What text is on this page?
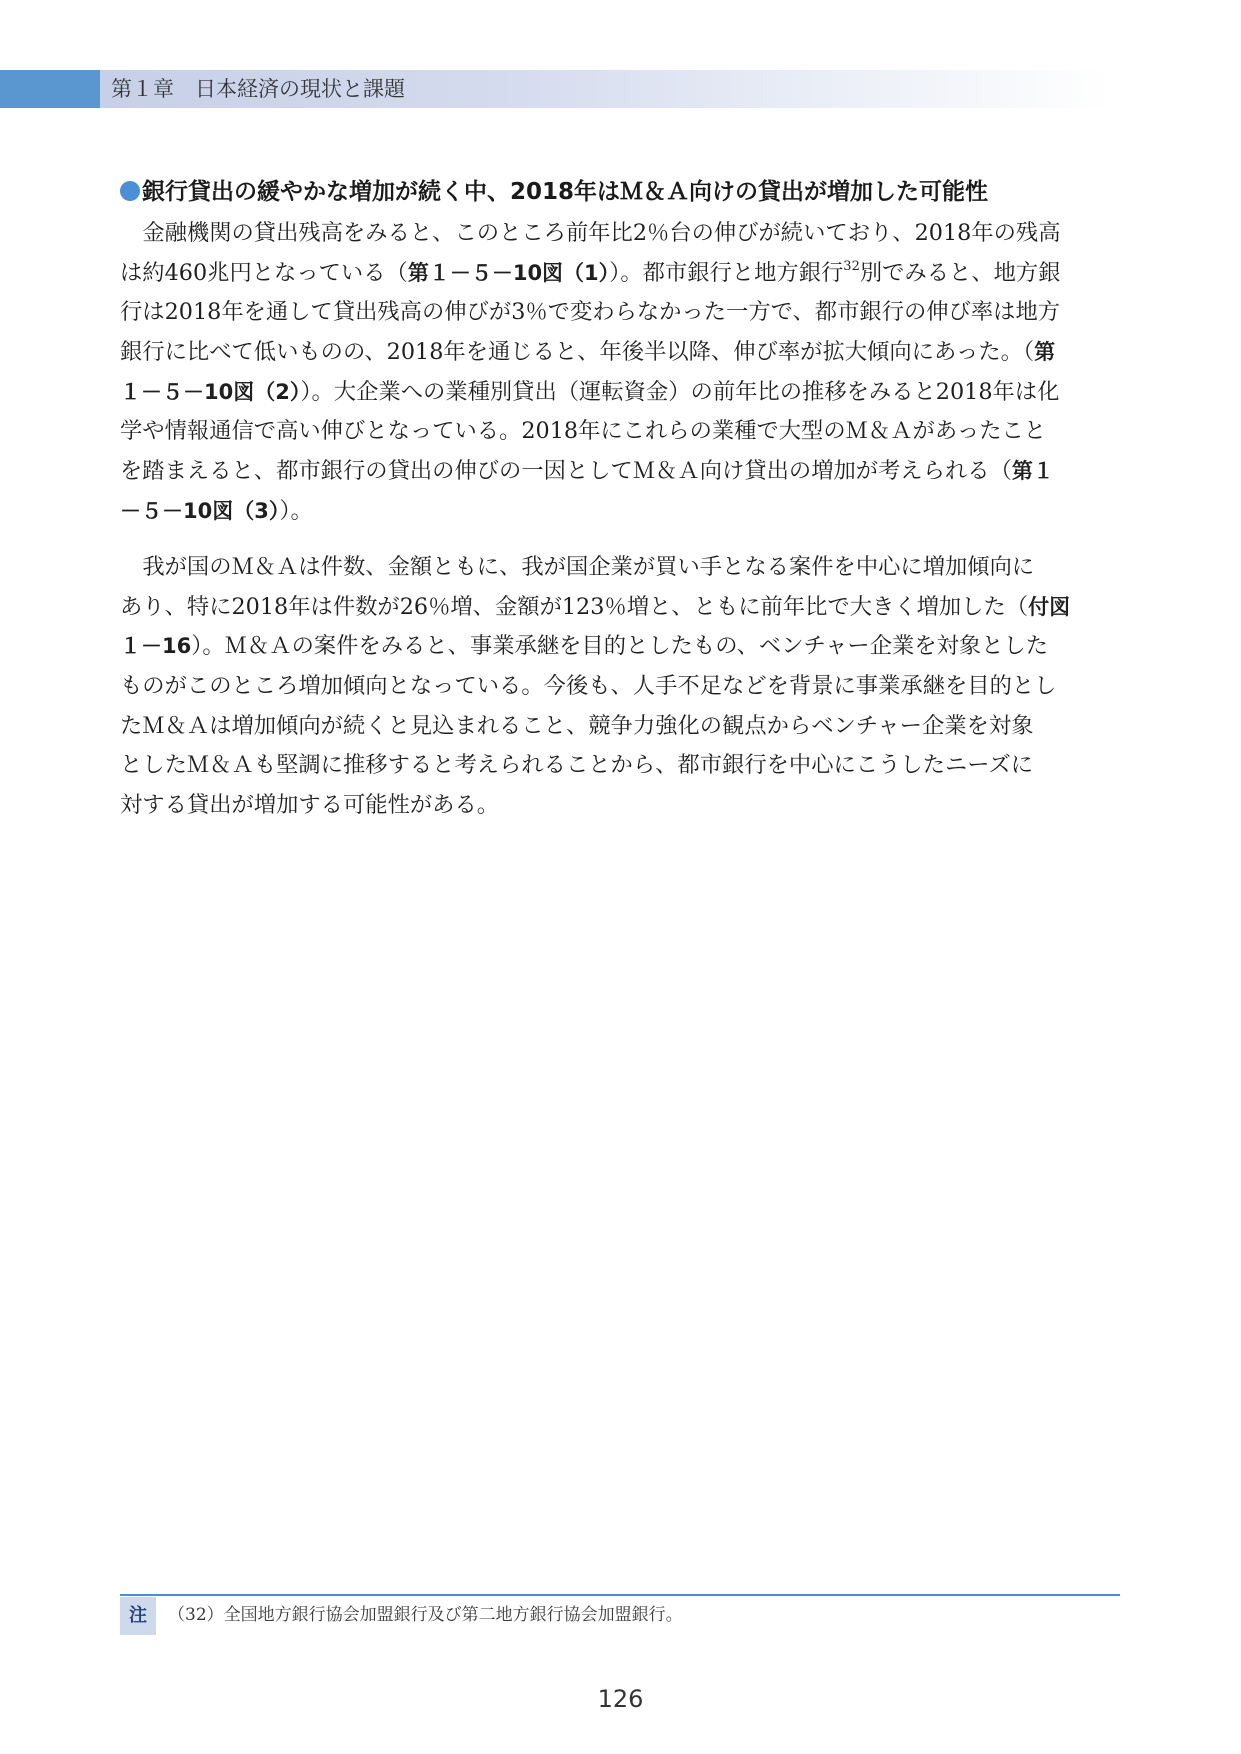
第１章　日本経済の現状と課題
銀行貸出の緩やかな増加が続く中、2018年はＭ＆Ａ向けの貸出が増加した可能性
　金融機関の貸出残高をみると、このところ前年比2％台の伸びが続いており、2018年の残高
は約460兆円となっている（第１－５－10図（1））。都市銀行と地方銀行$^{32}$別でみると、地方銀
行は2018年を通して貸出残高の伸びが3％で変わらなかった一方で、都市銀行の伸び率は地方
銀行に比べて低いものの、2018年を通じると、年後半以降、伸び率が拡大傾向にあった。（第
１－５－10図（2））。大企業への業種別貸出（運転資金）の前年比の推移をみると2018年は化
学や情報通信で高い伸びとなっている。2018年にこれらの業種で大型のＭ＆Ａがあったこと
を踏まえると、都市銀行の貸出の伸びの一因としてＭ＆Ａ向け貸出の増加が考えられる（第１
－５－10図（3））。
　我が国のＭ＆Ａは件数、金額ともに、我が国企業が買い手となる案件を中心に増加傾向に
あり、特に2018年は件数が26％増、金額が123％増と、ともに前年比で大きく増加した（付図
１－16）。Ｍ＆Ａの案件をみると、事業承継を目的としたもの、ベンチャー企業を対象とした
ものがこのところ増加傾向となっている。今後も、人手不足などを背景に事業承継を目的とし
たＭ＆Ａは増加傾向が続くと見込まれること、競争力強化の観点からベンチャー企業を対象
としたＭ＆Ａも堅調に推移すると考えられることから、都市銀行を中心にこうしたニーズに
対する貸出が増加する可能性がある。
注	（32）全国地方銀行協会加盟銀行及び第二地方銀行協会加盟銀行。
126
